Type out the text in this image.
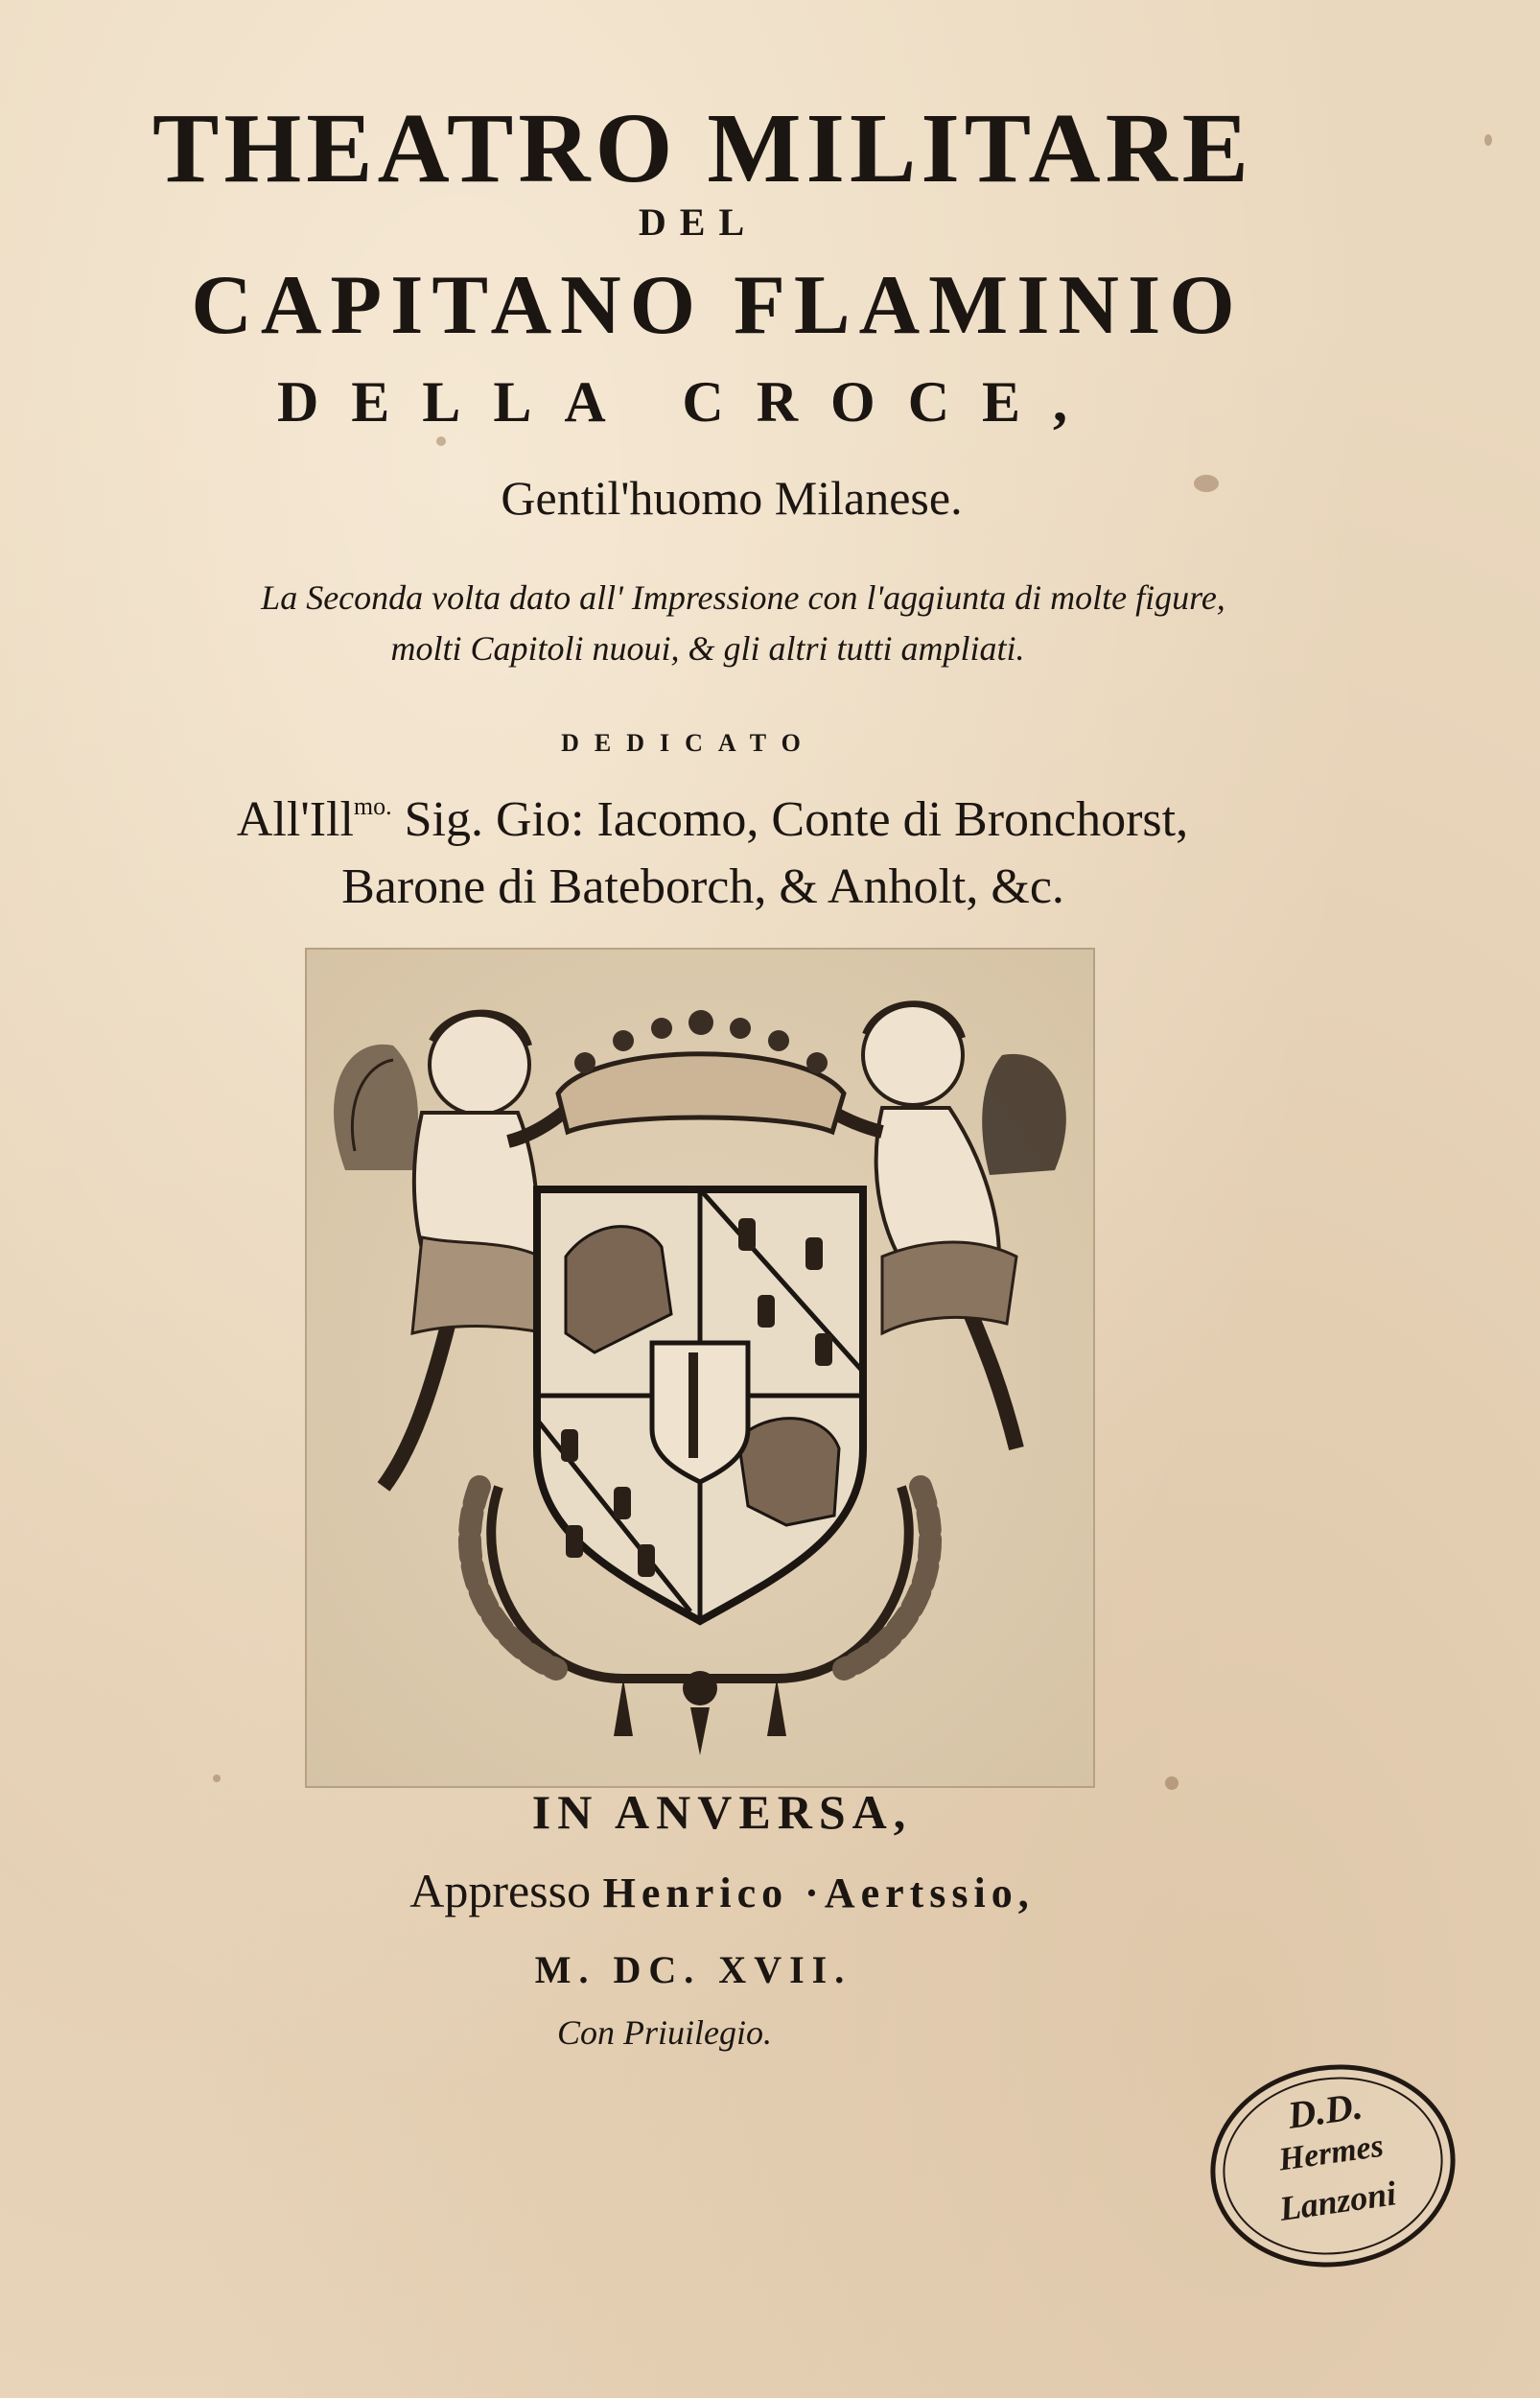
THEATRO MILITARE
DEL
CAPITANO FLAMINIO
DELLA CROCE,
Gentil'huomo Milanese.
La Seconda volta dato all' Impressione con l'aggiunta di molte figure,
molti Capitoli nuoui, & gli altri tutti ampliati.
DEDICATO
All'Ill$^{mo.}$ Sig. Gio: Iacomo, Conte di Bronchorst,
Barone di Bateborch, & Anholt, &c.
IN ANVERSA,
Appresso Henrico ·Aertssio,
M. DC. XVII.
Con Priuilegio.
D.D.
Hermes
Lanzoni
